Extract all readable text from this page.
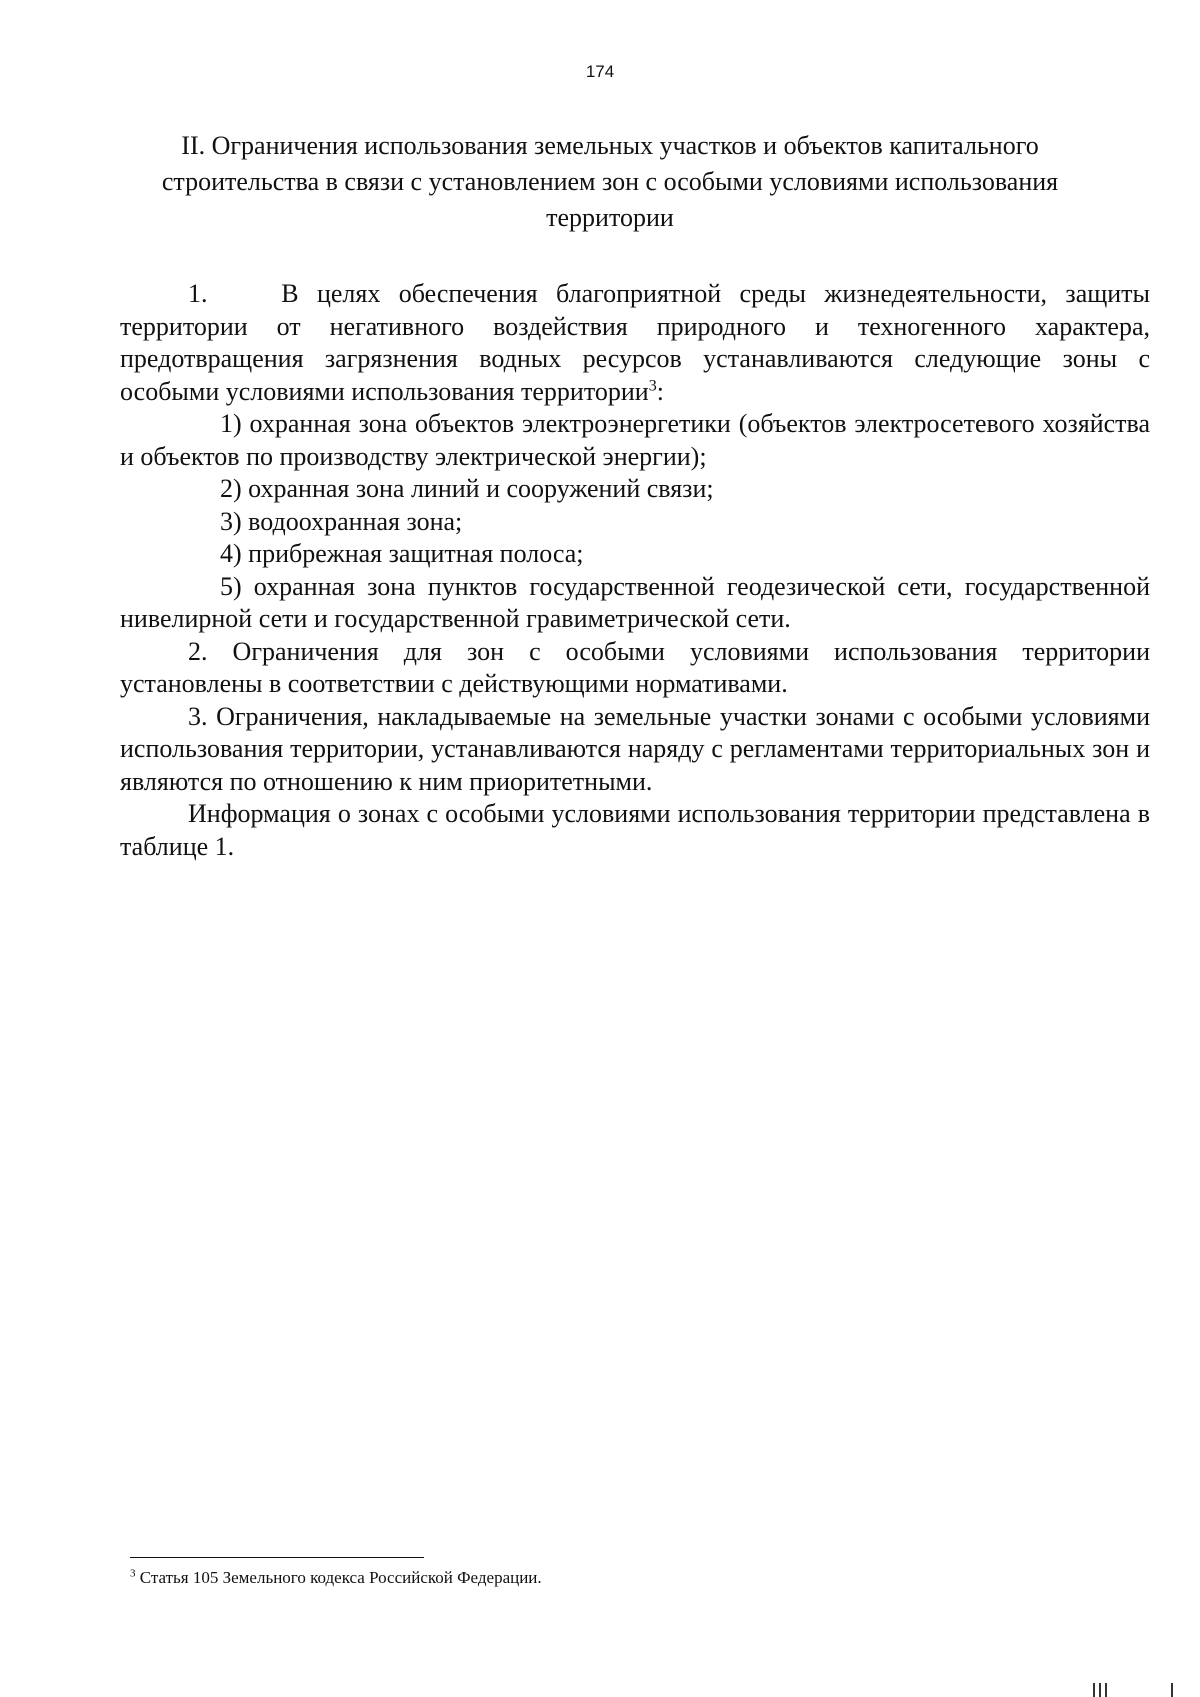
174
II. Ограничения использования земельных участков и объектов капитального строительства в связи с установлением зон с особыми условиями использования территории

1.	В целях обеспечения благоприятной среды жизнедеятельности, защиты территории от негативного воздействия природного и техногенного характера, предотвращения загрязнения водных ресурсов устанавливаются следующие зоны с особыми условиями использования территории$^3$:

1) охранная зона объектов электроэнергетики (объектов электросетевого хозяйства и объектов по производству электрической энергии);

2) охранная зона линий и сооружений связи;

3) водоохранная зона;

4) прибрежная защитная полоса;

5) охранная зона пунктов государственной геодезической сети, государственной нивелирной сети и государственной гравиметрической сети.

2. Ограничения для зон с особыми условиями использования территории установлены в соответствии с действующими нормативами.

3. Ограничения, накладываемые на земельные участки зонами с особыми условиями использования территории, устанавливаются наряду с регламентами территориальных зон и являются по отношению к ним приоритетными.

Информация о зонах с особыми условиями использования территории представлена в таблице 1.

$^3$ Статья 105 Земельного кодекса Российской Федерации.
